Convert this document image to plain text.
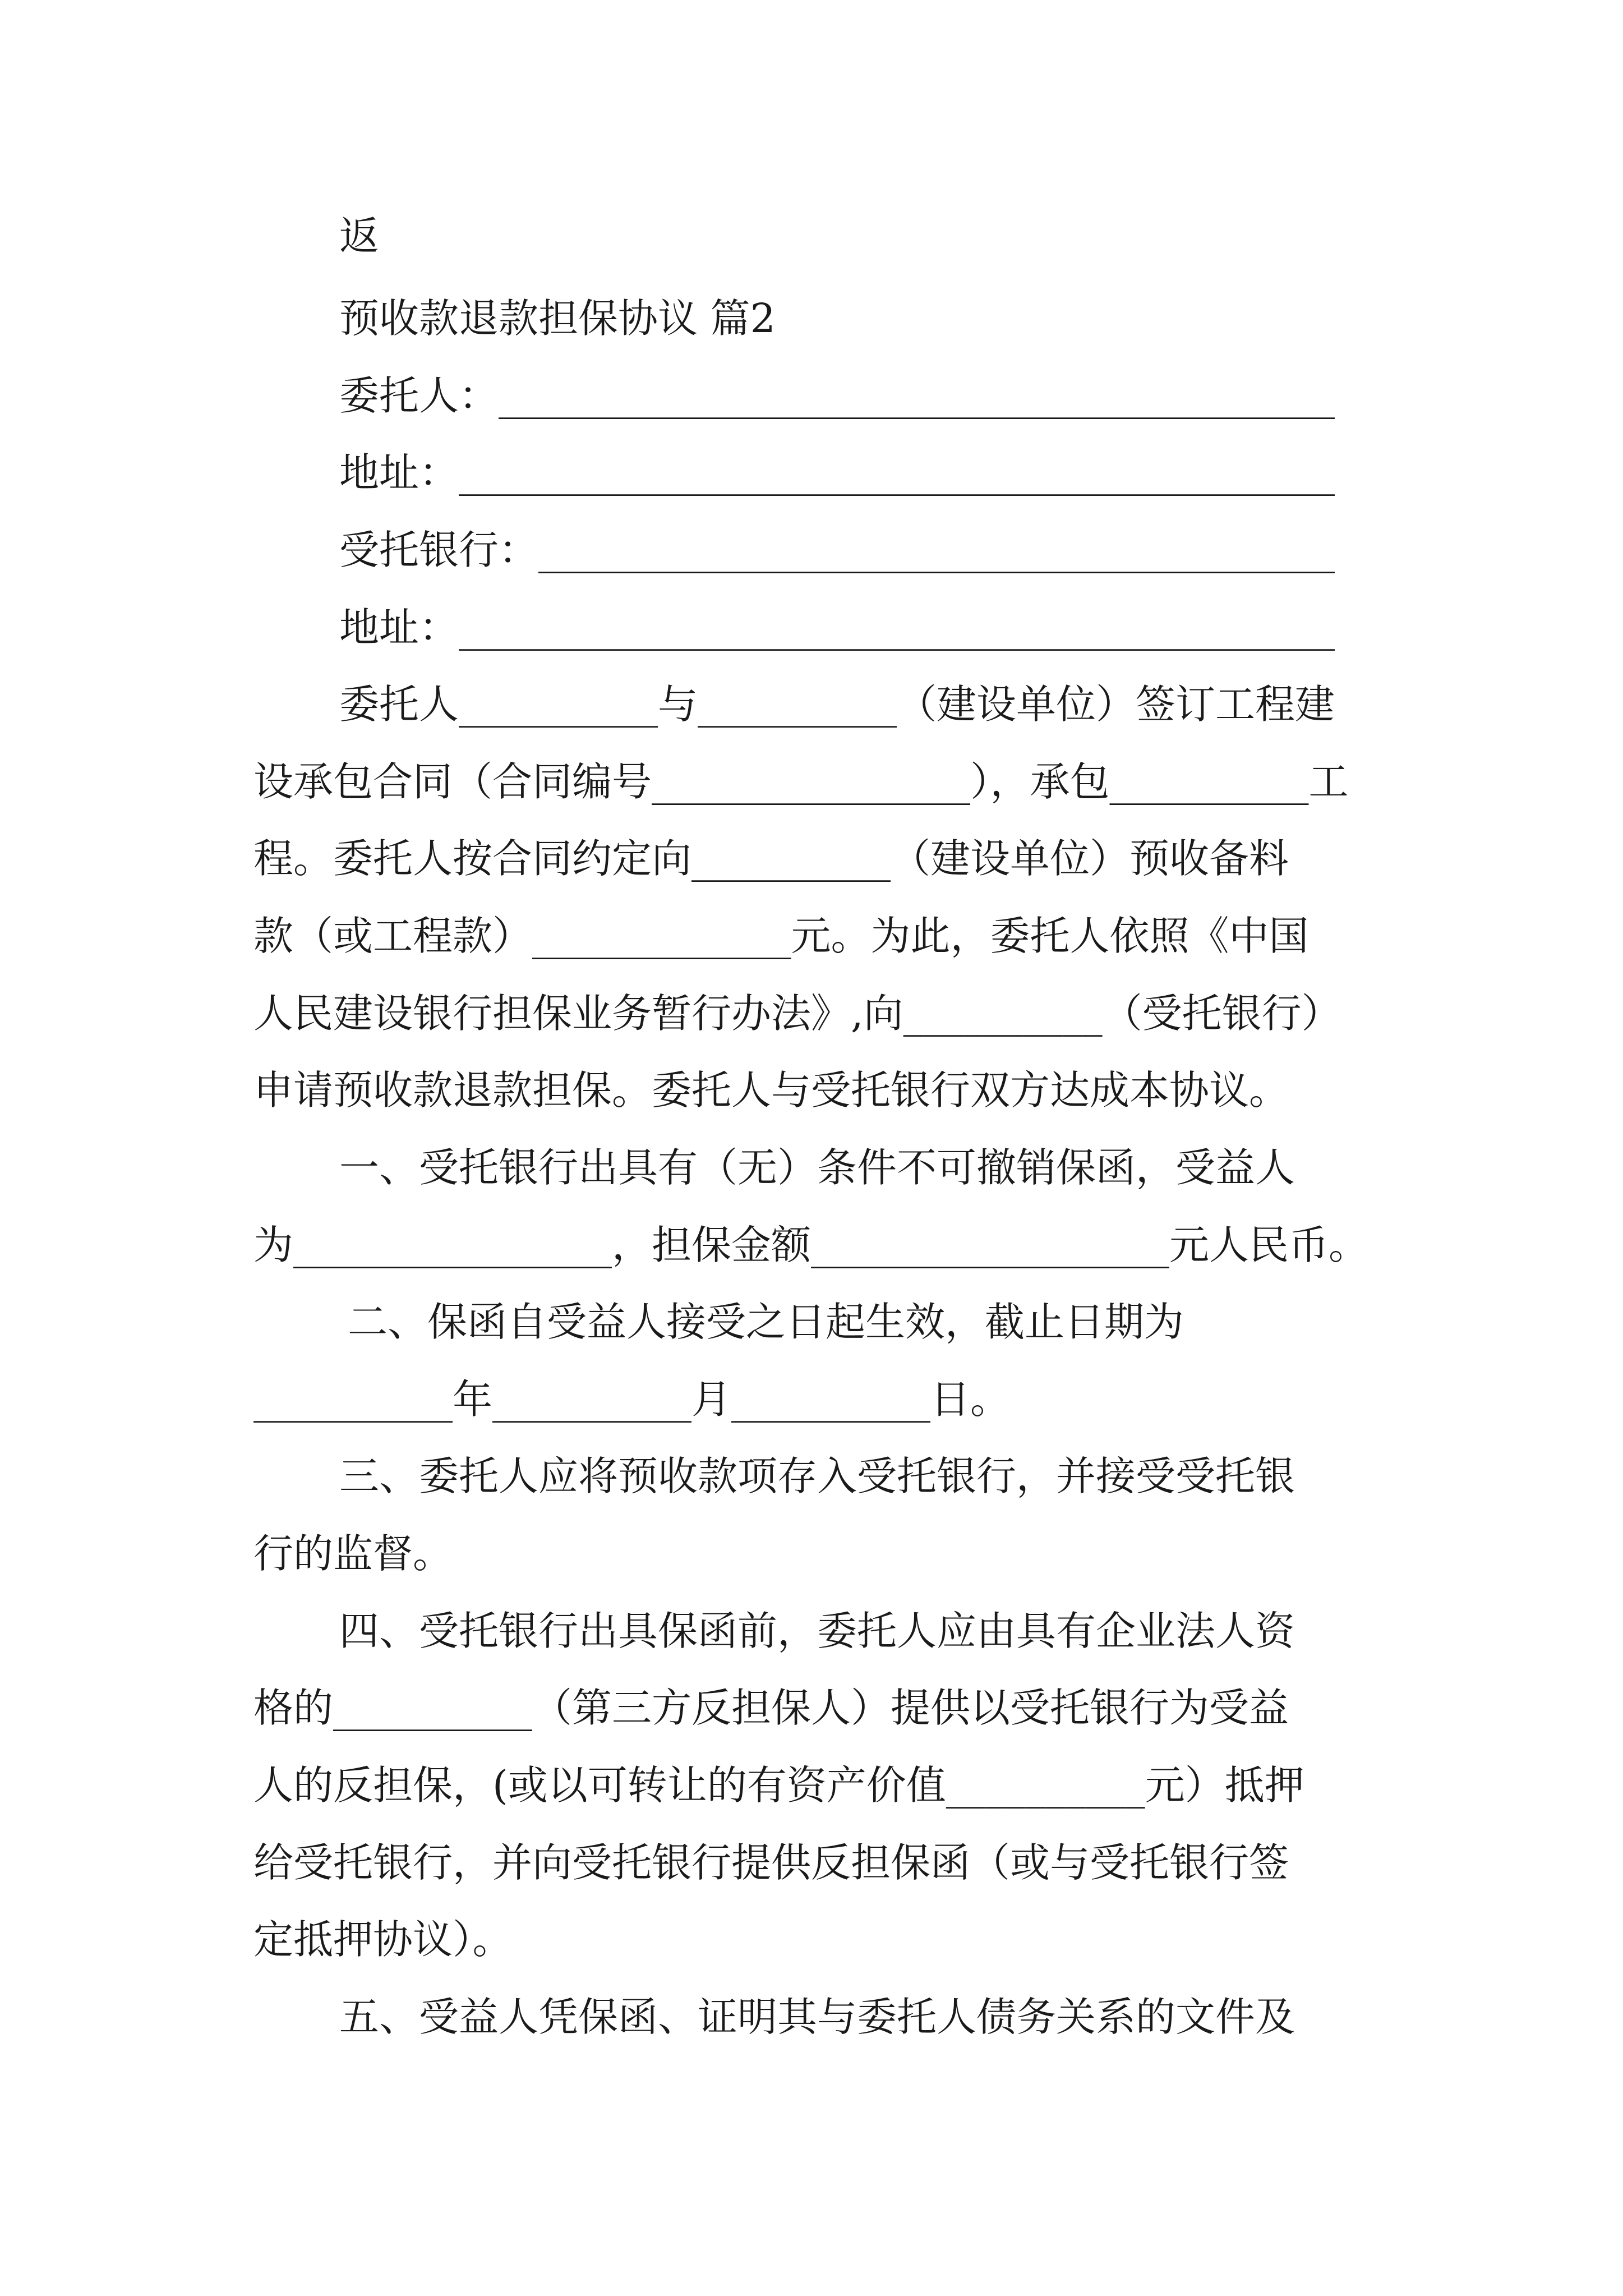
返
预收款退款担保协议 篇2
委托人：__________________________________________
地址：____________________________________________
受托银行：________________________________________
地址：____________________________________________
委托人__________与__________（建设单位）签订工程建
设承包合同（合同编号________________），承包__________工
程。委托人按合同约定向__________（建设单位）预收备料
款（或工程款）_____________元。为此，委托人依照《中国
人民建设银行担保业务暂行办法》,向__________（受托银行）
申请预收款退款担保。委托人与受托银行双方达成本协议。
一、受托银行出具有（无）条件不可撤销保函，受益人
为________________，担保金额__________________元人民币。
二、保函自受益人接受之日起生效，截止日期为
__________年__________月__________日。
三、委托人应将预收款项存入受托银行，并接受受托银
行的监督。
四、受托银行出具保函前，委托人应由具有企业法人资
格的__________（第三方反担保人）提供以受托银行为受益
人的反担保，(或以可转让的有资产价值__________元）抵押
给受托银行，并向受托银行提供反担保函（或与受托银行签
定抵押协议）。
五、受益人凭保函、证明其与委托人债务关系的文件及
